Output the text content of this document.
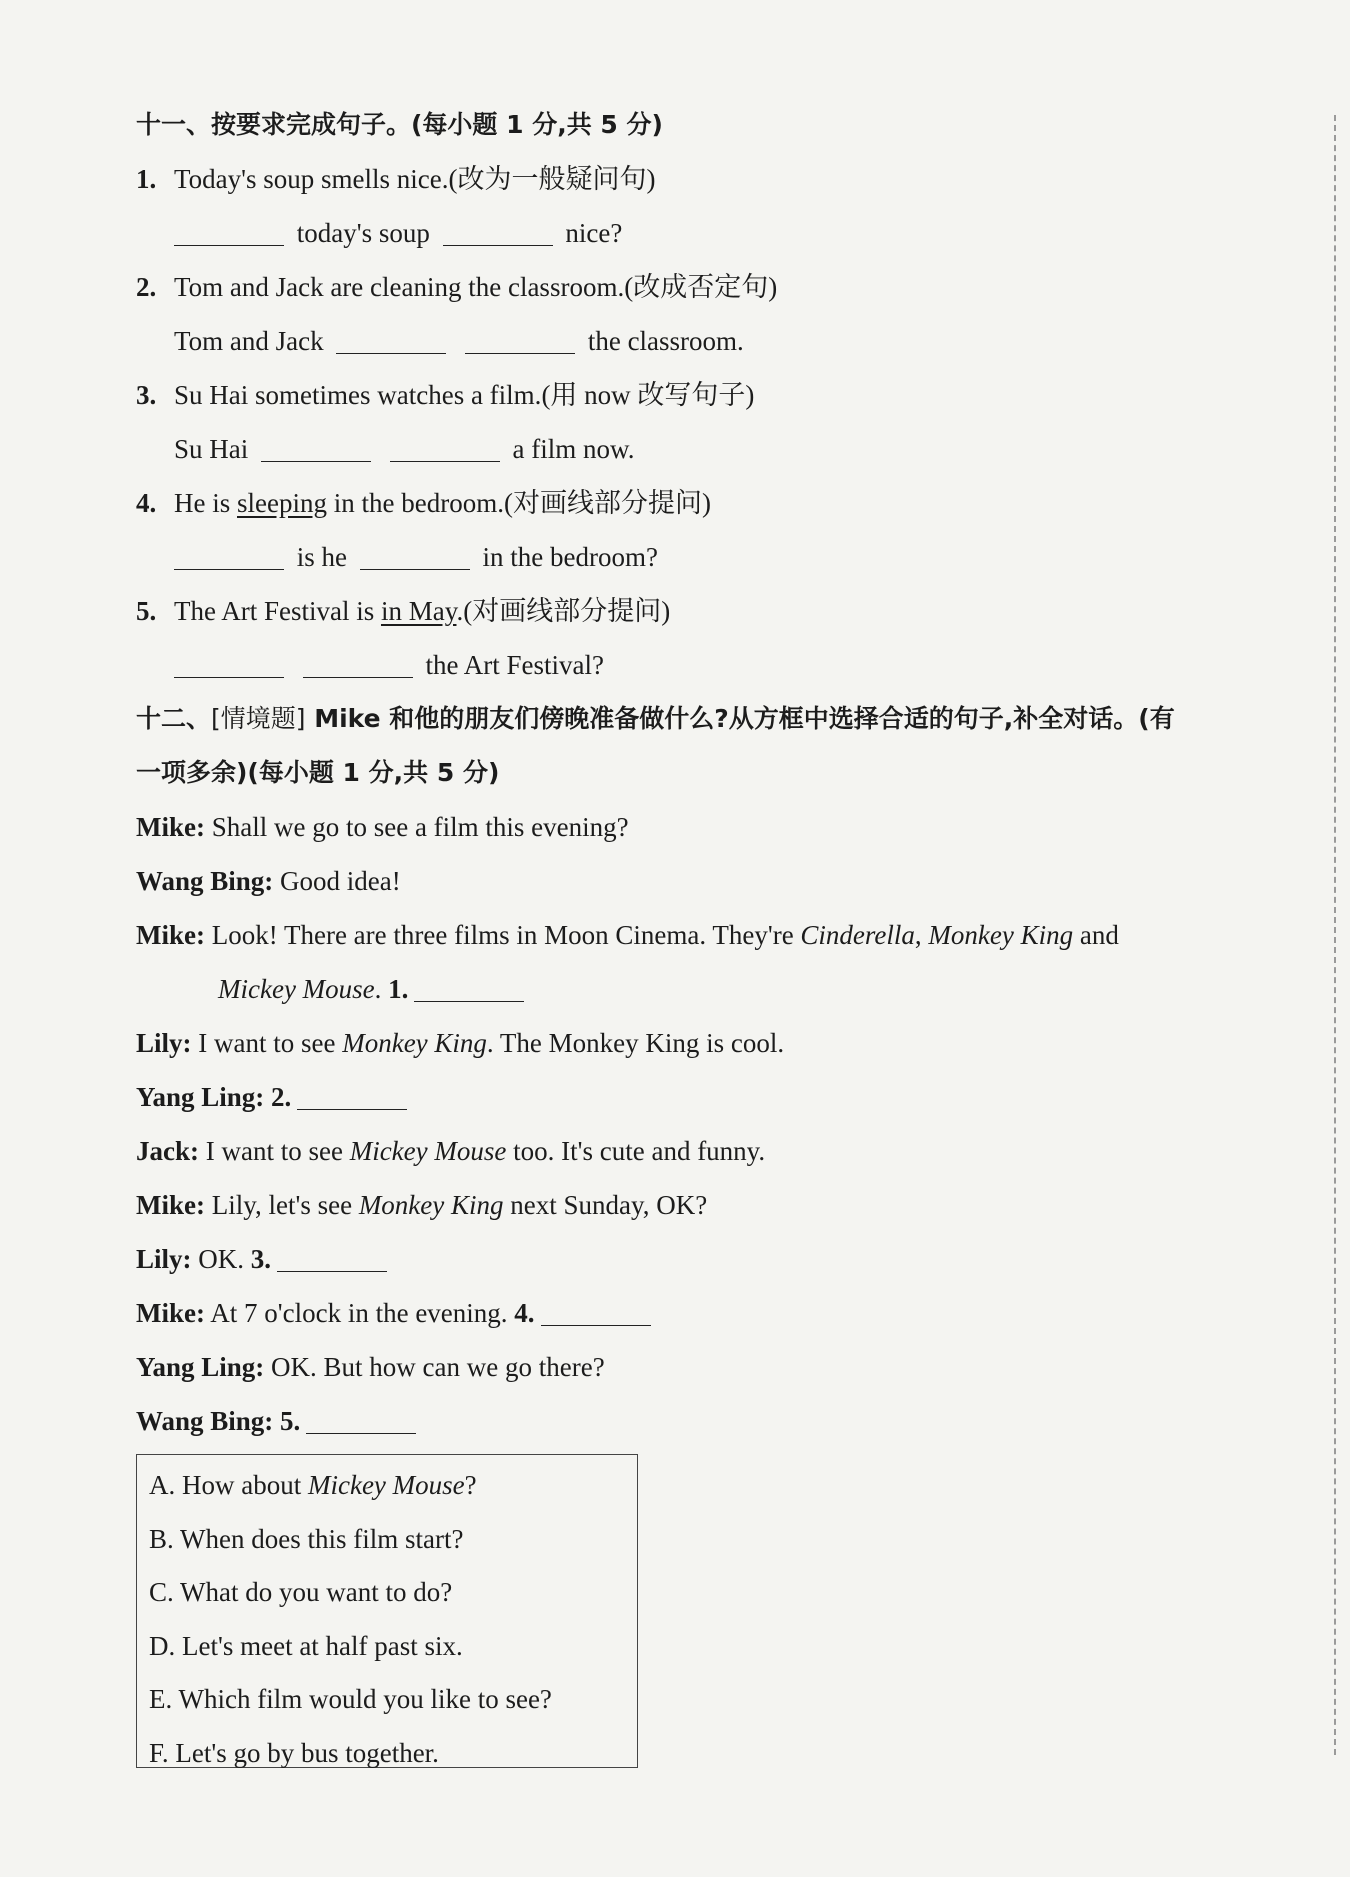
十一、按要求完成句子。(每小题 1 分,共 5 分)
1. Today's soup smells nice.(改为一般疑问句)
today's soup	nice?
2. Tom and Jack are cleaning the classroom.(改成否定句)
Tom and Jack	the classroom.
3. Su Hai sometimes watches a film.(用 now 改写句子)
Su Hai	a film now.
4. He is sleeping in the bedroom.(对画线部分提问)
is he	in the bedroom?
5. The Art Festival is in May.(对画线部分提问)
the Art Festival?
十二、[情境题] Mike 和他的朋友们傍晚准备做什么?从方框中选择合适的句子,补全对话。(有
一项多余)(每小题 1 分,共 5 分)
Mike: Shall we go to see a film this evening?
Wang Bing: Good idea!
Mike: Look! There are three films in Moon Cinema. They're Cinderella, Monkey King and
Mickey Mouse. 1.
Lily: I want to see Monkey King. The Monkey King is cool.
Yang Ling: 2.
Jack: I want to see Mickey Mouse too. It's cute and funny.
Mike: Lily, let's see Monkey King next Sunday, OK?
Lily: OK. 3.
Mike: At 7 o'clock in the evening. 4.
Yang Ling: OK. But how can we go there?
Wang Bing: 5.
A. How about Mickey Mouse?
B. When does this film start?
C. What do you want to do?
D. Let's meet at half past six.
E. Which film would you like to see?
F. Let's go by bus together.
